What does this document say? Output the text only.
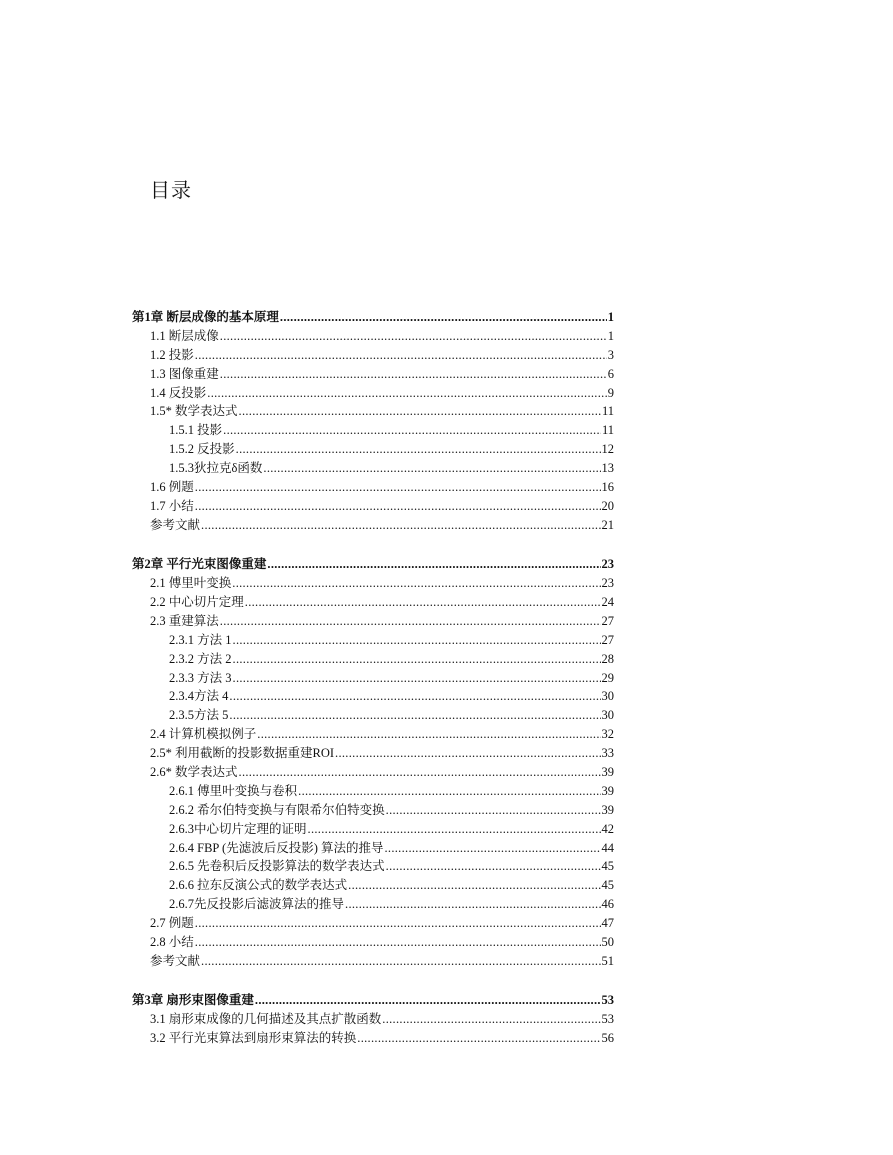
目录
第1章 断层成像的基本原理 .....	1
1.1 断层成像 .....	1
1.2 投影 .....	3
1.3 图像重建 .....	6
1.4 反投影 .....	9
1.5* 数学表达式 .....	11
1.5.1 投影 .....	11
1.5.2 反投影 .....	12
1.5.3狄拉克δ函数 .....	13
1.6 例题 .....	16
1.7 小结 .....	20
参考文献 .....	21
第2章 平行光束图像重建 .....	23
2.1 傅里叶变换 .....	23
2.2 中心切片定理 .....	24
2.3 重建算法 .....	27
2.3.1 方法 1 .....	27
2.3.2 方法 2 .....	28
2.3.3 方法 3 .....	29
2.3.4方法 4 .....	30
2.3.5方法 5 .....	30
2.4 计算机模拟例子 .....	32
2.5* 利用截断的投影数据重建ROI .....	33
2.6* 数学表达式 .....	39
2.6.1 傅里叶变换与卷积 .....	39
2.6.2 希尔伯特变换与有限希尔伯特变换 .....	39
2.6.3中心切片定理的证明 .....	42
2.6.4 FBP (先滤波后反投影) 算法的推导 .....	44
2.6.5 先卷积后反投影算法的数学表达式 .....	45
2.6.6 拉东反演公式的数学表达式 .....	45
2.6.7先反投影后滤波算法的推导 .....	46
2.7 例题 .....	47
2.8 小结 .....	50
参考文献 .....	51
第3章 扇形束图像重建 .....	53
3.1 扇形束成像的几何描述及其点扩散函数 .....	53
3.2 平行光束算法到扇形束算法的转换 .....	56
